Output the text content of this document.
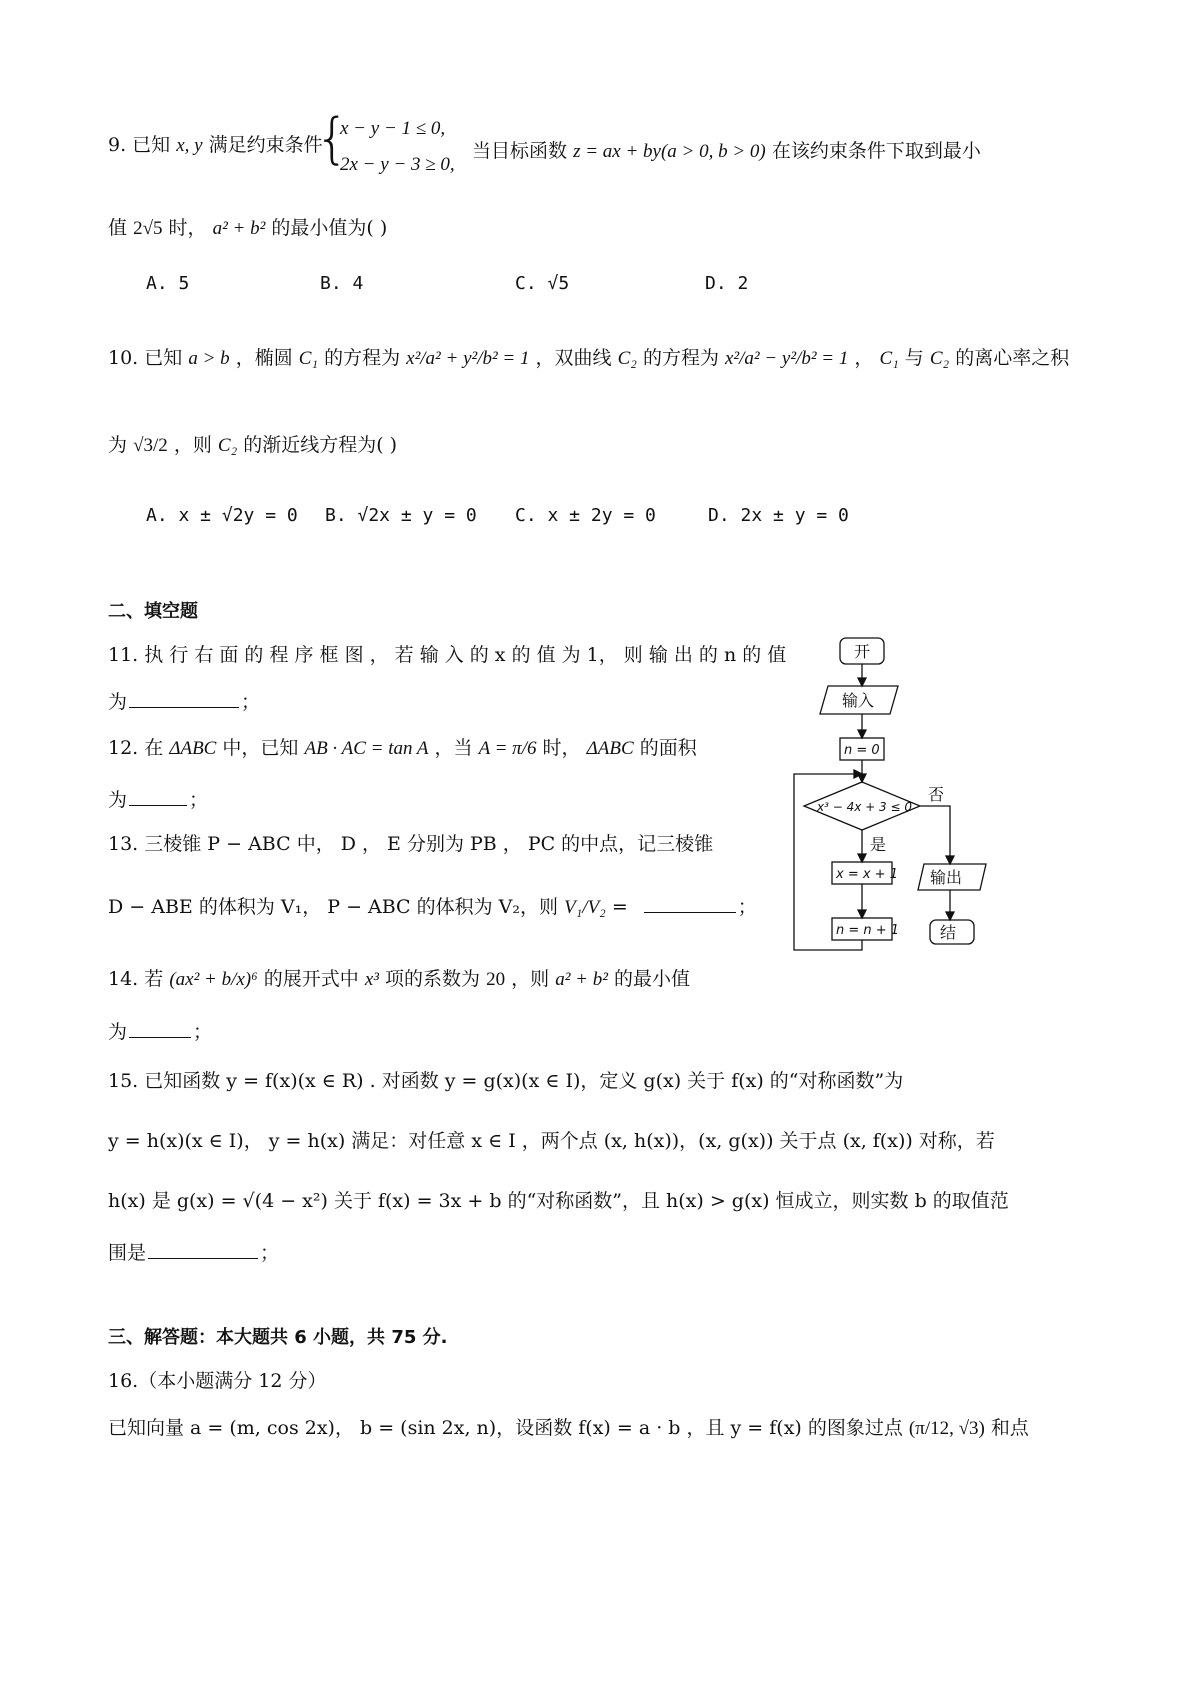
9. 已知 x, y 满足约束条件
{
x − y − 1 ≤ 0,
2x − y − 3 ≥ 0,
当目标函数 z = ax + by(a > 0, b > 0) 在该约束条件下取到最小
值 2√5 时， a² + b² 的最小值为( )
A. 5	B. 4	C. √5	D. 2
10. 已知 a > b ，椭圆 C₁ 的方程为 x²/a² + y²/b² = 1 ，双曲线 C₂ 的方程为 x²/a² − y²/b² = 1 ， C₁ 与 C₂ 的离心率之积
为 √3/2 ，则 C₂ 的渐近线方程为( )
A. x ± √2y = 0 B. √2x ± y = 0 C. x ± 2y = 0	D. 2x ± y = 0
二、填空题
11. 执 行 右 面 的 程 序 框 图 ， 若 输 入 的 x 的 值 为 1， 则 输 出 的 n 的 值
为	；
12. 在 ΔABC 中，已知 AB · AC = tan A ，当 A = π/6 时， ΔABC 的面积
为	；
13. 三棱锥 P − ABC 中， D ， E 分别为 PB ， PC 的中点，记三棱锥
D − ABE 的体积为 V₁， P − ABC 的体积为 V₂，则 V₁/V₂ =	；
14. 若 (ax² + b/x)⁶ 的展开式中 x³ 项的系数为 20 ，则 a² + b² 的最小值
为	；
15. 已知函数 y = f(x)(x ∈ R) . 对函数 y = g(x)(x ∈ I)，定义 g(x) 关于 f(x) 的“对称函数”为
y = h(x)(x ∈ I)， y = h(x) 满足：对任意 x ∈ I ，两个点 (x, h(x))，(x, g(x)) 关于点 (x, f(x)) 对称，若
h(x) 是 g(x) = √(4 − x²) 关于 f(x) = 3x + b 的“对称函数”，且 h(x) > g(x) 恒成立，则实数 b 的取值范
围是	；
三、解答题：本大题共 6 小题，共 75 分.
16.（本小题满分 12 分）
已知向量 a = (m, cos 2x)， b = (sin 2x, n)，设函数 f(x) = a · b ，且 y = f(x) 的图象过点 (π/12, √3) 和点
开
输入
n = 0
x³ − 4x + 3 ≤ 0
否
是
x = x + 1
n = n + 1
输出
结
